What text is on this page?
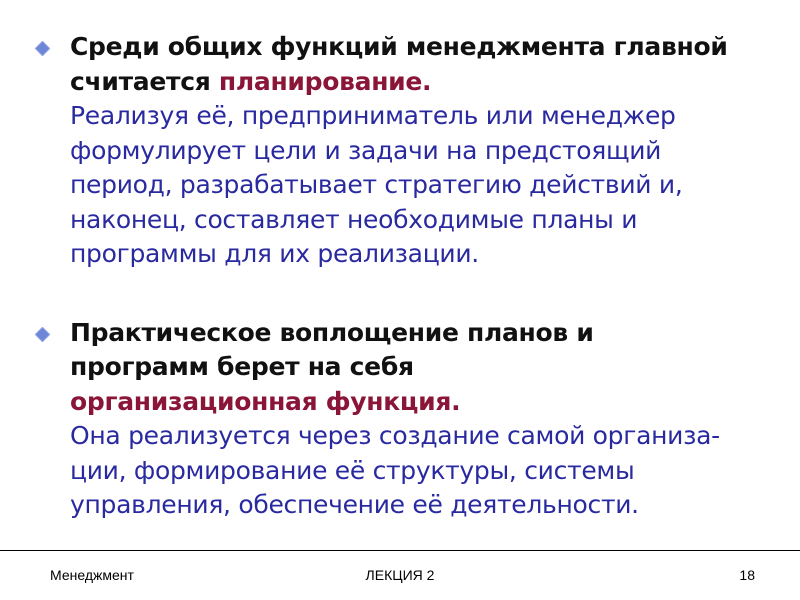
Среди общих функций менеджмента главной
считается планирование.
Реализуя её, предприниматель или менеджер
формулирует цели и задачи на предстоящий
период, разрабатывает стратегию действий и,
наконец, составляет необходимые планы и
программы для их реализации.
Практическое воплощение планов и
программ берет на себя
организационная функция.
Она реализуется через создание самой организа-
ции, формирование её структуры, системы
управления, обеспечение её деятельности.
Менеджмент	ЛЕКЦИЯ 2	18
